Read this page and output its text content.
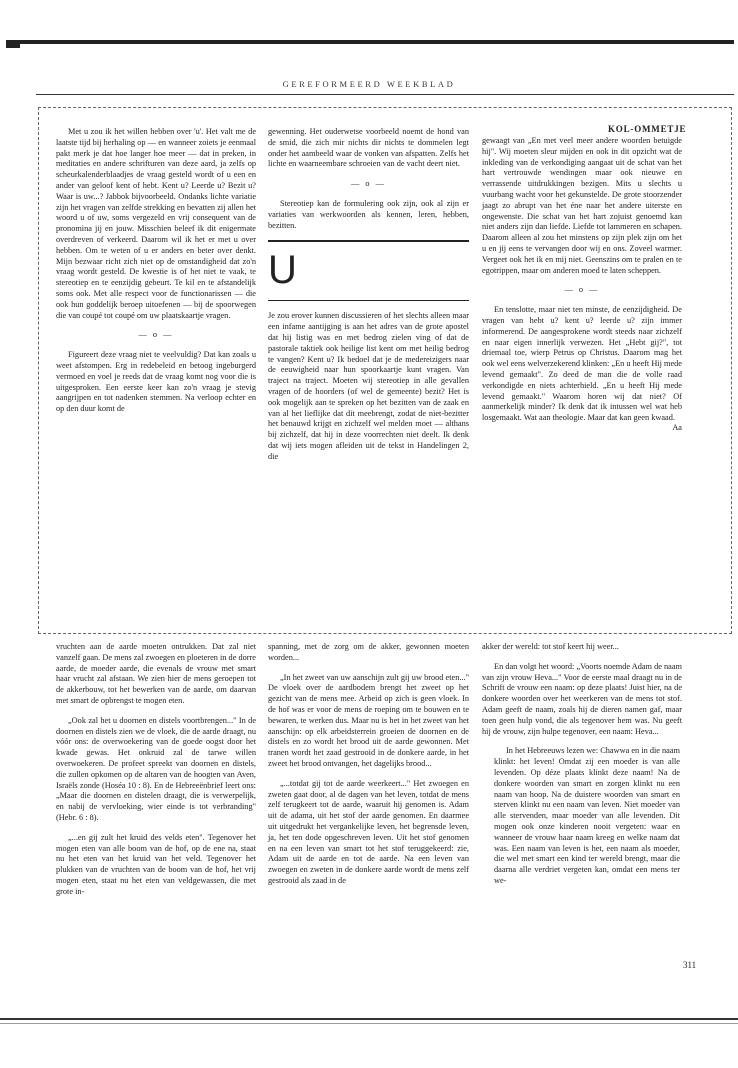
GEREFORMEERD WEEKBLAD
KOL-OMMETJE

Met u zou ik het willen hebben over 'u'. Het valt me de laatste tijd bij herhaling op — en wanneer zoiets je eenmaal pakt merk je dat hoe langer hoe meer — dat in preken, in meditaties en andere schrifturen van deze aard, ja zelfs op scheurkalenderblaadjes de vraag gesteld wordt of u een en ander van geloof kent of hebt. Kent u? Leerde u? Bezit u? Waar is uw...? Jabbok bijvoorbeeld. Ondanks lichte variatie zijn het vragen van zelfde strekking en bevatten zij allen het woord u of uw, soms vergezeld en vrij consequent van de pronomina jij en jouw. Misschien beleef ik dit enigermate overdreven of verkeerd. Daarom wil ik het er met u over hebben. Om te weten of u er anders en beter over denkt. Mijn bezwaar richt zich niet op de omstandigheid dat zo'n vraag wordt gesteld. De kwestie is of het niet te vaak, te stereotiep en te eenzijdig gebeurt. Te kil en te afstandelijk soms ook. Met alle respect voor de functionarissen — die ook hun goddelijk beroep uitoefenen — bij de spoorwegen die van coupé tot coupé om uw plaatskaartje vragen.

— o —

Figureert deze vraag niet te veelvuldig? Dat kan zoals u weet afstompen. Erg in redebeleid en betoog ingeburgerd vermoed en voel je reeds dat de vraag komt nog voor die is uitgesproken. Een eerste keer kan zo'n vraag je stevig aangrijpen en tot nadenken stemmen. Na verloop echter en op den duur komt de

gewenning. Het ouderwetse voorbeeld noemt de hond van de smid, die zich mir nichts dir nichts te dommelen legt onder het aambeeld waar de vonken van afspatten. Zelfs het lichte en waarneembare schroeien van de vacht deert niet.

— o —

Stereotiep kan de formulering ook zijn, ook al zijn er variaties van werkwoorden als kennen, leren, hebben, bezitten.

U

Je zou erover kunnen discussieren of het slechts alleen maar een infame aantijging is aan het adres van de grote apostel dat hij listig was en met bedrog zielen ving of dat de pastorale taktiek ook heilige list kent om met heilig bedrog te vangen? Kent u? Ik bedoel dat je de medereizigers naar de eeuwigheid naar hun spoorkaartje kunt vragen. Van traject na traject. Moeten wij stereotiep in alle gevallen vragen of de hoorders (of wel de gemeente) bezit? Het is ook mogelijk aan te spreken op het bezitten van de zaak en van al het lieflijke dat dit meebrengt, zodat de niet-bezitter het benauwd krijgt en zichzelf wel melden moet — althans bij zichzelf, dat hij in deze voorrechten niet deelt. Ik denk dat wij iets mogen afleiden uit de tekst in Handelingen 2, die

gewaagt van „En met veel meer andere woorden betuigde hij". Wij moeten sleur mijden en ook in dit opzicht wat de inkleding van de verkondiging aangaat uit de schat van het hart vertrouwde wendingen maar ook nieuwe en verrassende uitdrukkingen bezigen. Mits u slechts u vuurbang wacht voor het gekunstelde. De grote stoorzender jaagt zo abrupt van het éne naar het andere uiterste en ongewenste. Die schat van het hart zojuist genoemd kan niet anders zijn dan liefde. Liefde tot lammeren en schapen. Daarom alleen al zou het minstens op zijn plek zijn om het u en jij eens te vervangen door wij en ons. Zoveel warmer. Vergeet ook het ik en mij niet. Geenszins om te pralen en te egotrippen, maar om anderen moed te laten scheppen.

— o —

En tenslotte, maar niet ten minste, de eenzijdigheid. De vragen van hebt u? kent u? leerde u? zijn immer informerend. De aangesprokene wordt steeds naar zichzelf en naar eigen innerlijk verwezen. Het „Hebt gij?", tot driemaal toe, wierp Petrus op Christus. Daarom mag het ook wel eens welverzekerend klinken: „En u heeft Hij mede levend gemaakt". Zo deed de man die de volle raad verkondigde en niets achterhield. „En u heeft Hij mede levend gemaakt." Waarom horen wij dat niet? Of aanmerkelijk minder? Ik denk dat ik intussen wel wat heb losgemaakt. Wat aan theologie. Maar dat kan geen kwaad.

Aa

vruchten aan de aarde moeten ontrukken. Dat zal niet vanzelf gaan. De mens zal zwoegen en ploeteren in de dorre aarde, de moeder aarde, die evenals de vrouw met smart haar vrucht zal afstaan. We zien hier de mens geroepen tot de akkerbouw, tot het bewerken van de aarde, om daarvan met smart de opbrengst te mogen eten.

„Ook zal het u doornen en distels voortbrengen..." In de doornen en distels zien we de vloek, die de aarde draagt, nu vóór ons: de overwoekering van de goede oogst door het kwade gewas. Het onkruid zal de tarwe willen overwoekeren. De profeet spreekt van doornen en distels, die zullen opkomen op de altaren van de hoogten van Aven, Israëls zonde (Hoséa 10 : 8). En de Hebreeënbrief leert ons: „Maar die doornen en distelen draagt, die is verwerpelijk, en nabij de vervloeking, wier einde is tot verbranding" (Hebr. 6 : 8).

„...en gij zult het kruid des velds eten". Tegenover het mogen eten van alle boom van de hof, op de ene na, staat nu het eten van het kruid van het veld. Tegenover het plukken van de vruchten van de boom van de hof, het vrij mogen eten, staat nu het eten van veldgewassen, die met grote in-

spanning, met de zorg om de akker, gewonnen moeten worden...

„In het zweet van uw aanschijn zult gij uw brood eten..." De vloek over de aardbodem brengt het zweet op het gezicht van de mens mee. Arbeid op zich is geen vloek. In de hof was er voor de mens de roeping om te bouwen en te bewaren, te werken dus. Maar nu is het in het zweet van het aanschijn: op elk arbeidsterrein groeien de doornen en de distels en zo wordt het brood uit de aarde gewonnen. Met tranen wordt het zaad gestrooid in de donkere aarde, in het zweet het brood ontvangen, het dagelijks brood...

„...totdat gij tot de aarde weerkeert..." Het zwoegen en zweten gaat door, al de dagen van het leven, totdat de mens zelf terugkeert tot de aarde, waaruit hij genomen is. Adam uit de adama, uit het stof der aarde genomen. En daarmee uit uitgedrukt het vergankelijke leven, het begrensde leven, ja, het ten dode opgeschreven leven. Uit het stof genomen en na een leven van smart tot het stof teruggekeerd: zie, Adam uit de aarde en tot de aarde. Na een leven van zwoegen en zweten in de donkere aarde wordt de mens zelf gestrooid als zaad in de

akker der wereld: tot stof keert hij weer...

En dan volgt het woord: „Voorts noemde Adam de naam van zijn vrouw Heva..." Voor de eerste maal draagt nu in de Schrift de vrouw een naam: op deze plaats! Juist hier, na de donkere woorden over het weerkeren van de mens tot stof. Adam geeft de naam, zoals hij de dieren namen gaf, maar toen geen hulp vond, die als tegenover hem was. Nu geeft hij de vrouw, zijn hulpe tegenover, een naam: Heva...

In het Hebreeuws lezen we: Chawwa en in die naam klinkt: het leven! Omdat zij een moeder is van alle levenden. Op déze plaats klinkt deze naam! Na de donkere woorden van smart en zorgen klinkt nu een naam van hoop. Na de duistere woorden van smart en sterven klinkt nu een naam van leven. Niet moeder van alle stervenden, maar moeder van alle levenden. Dit mogen ook onze kinderen nooit vergeten: waar en wanneer de vrouw haar naam kreeg en welke naam dat was. Een naam van leven is het, een naam als moeder, die wel met smart een kind ter wereld brengt, maar die daarna alle verdriet vergeten kan, omdat een mens ter we-

311
